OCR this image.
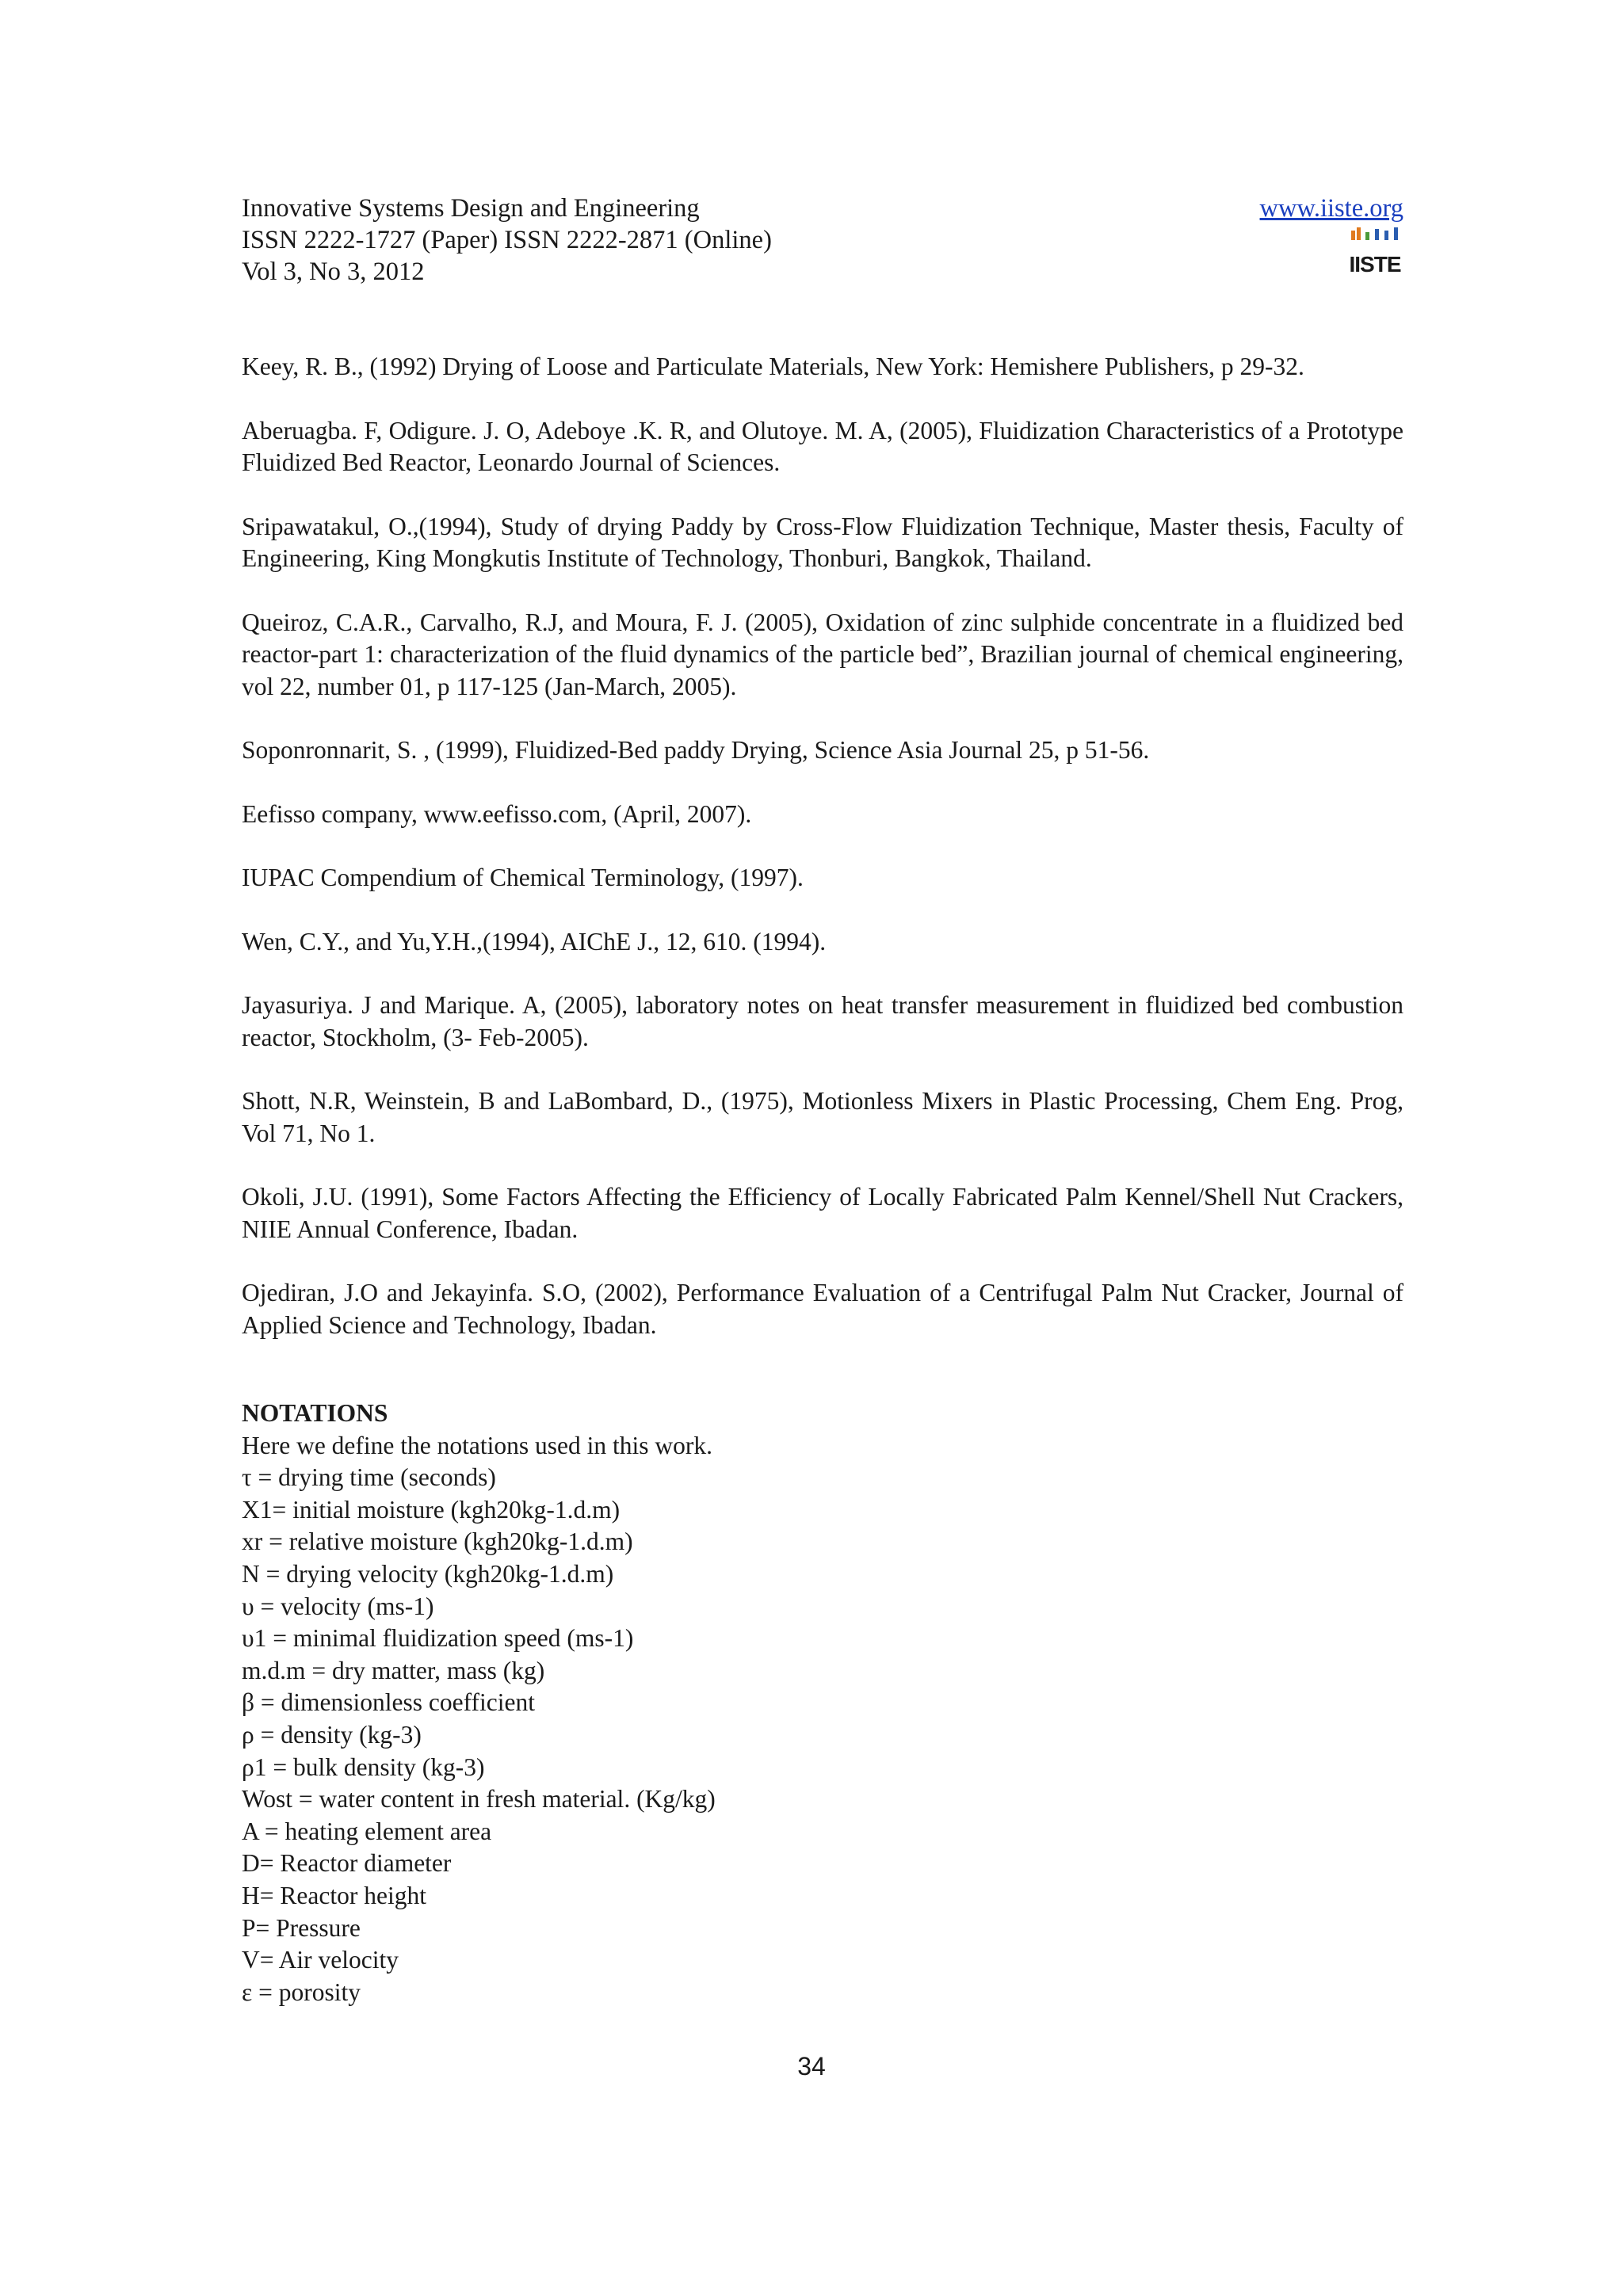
Innovative Systems Design and Engineering
ISSN 2222-1727 (Paper) ISSN 2222-2871 (Online)
Vol 3, No 3, 2012
www.iiste.org
IISTE

Keey, R. B., (1992) Drying of Loose and Particulate Materials, New York: Hemishere Publishers, p 29-32.

Aberuagba. F, Odigure. J. O, Adeboye .K. R, and Olutoye. M. A, (2005), Fluidization Characteristics of a Prototype Fluidized Bed Reactor, Leonardo Journal of Sciences.

Sripawatakul, O.,(1994), Study of drying Paddy by Cross-Flow Fluidization Technique, Master thesis, Faculty of Engineering, King Mongkutis Institute of Technology, Thonburi, Bangkok, Thailand.

Queiroz, C.A.R., Carvalho, R.J, and Moura, F. J. (2005), Oxidation of zinc sulphide concentrate in a fluidized bed reactor-part 1: characterization of the fluid dynamics of the particle bed”, Brazilian journal of chemical engineering, vol 22, number 01, p 117-125 (Jan-March, 2005).

Soponronnarit, S. , (1999), Fluidized-Bed paddy Drying, Science Asia Journal 25, p 51-56.

Eefisso company, www.eefisso.com, (April, 2007).

IUPAC Compendium of Chemical Terminology, (1997).

Wen, C.Y., and Yu,Y.H.,(1994), AIChE J., 12, 610. (1994).

Jayasuriya. J and Marique. A, (2005), laboratory notes on heat transfer measurement in fluidized bed combustion reactor, Stockholm, (3- Feb-2005).

Shott, N.R, Weinstein, B and LaBombard, D., (1975), Motionless Mixers in Plastic Processing, Chem Eng. Prog, Vol 71, No 1.

Okoli, J.U. (1991), Some Factors Affecting the Efficiency of Locally Fabricated Palm Kennel/Shell Nut Crackers, NIIE Annual Conference, Ibadan.

Ojediran, J.O and Jekayinfa. S.O, (2002), Performance Evaluation of a Centrifugal Palm Nut Cracker, Journal of Applied Science and Technology, Ibadan.

NOTATIONS
Here we define the notations used in this work.
τ = drying time (seconds)
X1= initial moisture (kgh20kg-1.d.m)
xr = relative moisture (kgh20kg-1.d.m)
N = drying velocity (kgh20kg-1.d.m)
υ = velocity (ms-1)
υ1 = minimal fluidization speed (ms-1)
m.d.m = dry matter, mass (kg)
β = dimensionless coefficient
ρ = density (kg-3)
ρ1 = bulk density (kg-3)
Wost = water content in fresh material. (Kg/kg)
A = heating element area
D= Reactor diameter
H= Reactor height
P= Pressure
V= Air velocity
ε = porosity
34
